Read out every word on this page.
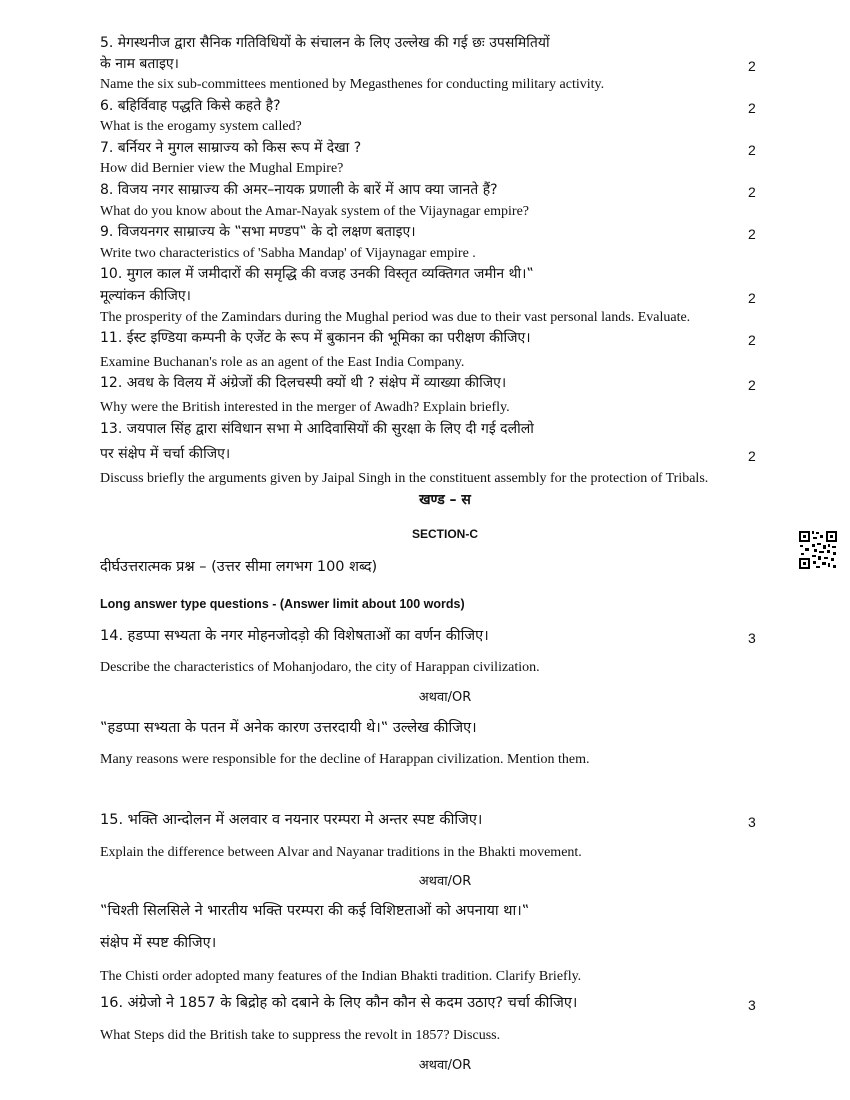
5. मेगस्थनीज द्वारा सैनिक गतिविधियों के संचालन के लिए उल्लेख की गई छः उपसमितियों
के नाम बताइए।	2
Name the six sub-committees mentioned by Megasthenes for conducting military activity.
6. बहिर्विवाह पद्धति किसे कहते है?	2
What is the erogamy system called?
7. बर्नियर ने मुगल साम्राज्य को किस रूप में देखा ?	2
How did Bernier view the Mughal Empire?
8. विजय नगर साम्राज्य की अमर–नायक प्रणाली के बारें में आप क्या जानते हैं?	2
What do you know about the Amar-Nayak system of the Vijaynagar empire?
9. विजयनगर साम्राज्य के ‟सभा मण्डप‟ के दो लक्षण बताइए।	2
Write two characteristics of 'Sabha Mandap' of Vijaynagar empire .
10. मुगल काल में जमीदारों की समृद्धि की वजह उनकी विस्तृत व्यक्तिगत जमीन थी।‟
मूल्यांकन कीजिए।	2
The prosperity of the Zamindars during the Mughal period was due to their vast personal lands. Evaluate.
11. ईस्ट इण्डिया कम्पनी के एजेंट के रूप में बुकानन की भूमिका का परीक्षण कीजिए।	2
Examine Buchanan's role as an agent of the East India Company.
12. अवध के विलय में अंग्रेजों की दिलचस्पी क्यों थी ? संक्षेप में व्याख्या कीजिए।	2
Why were the British interested in the merger of Awadh? Explain briefly.
13. जयपाल सिंह द्वारा संविधान सभा मे आदिवासियों की सुरक्षा के लिए दी गई दलीलो
पर संक्षेप में चर्चा कीजिए।	2
Discuss briefly the arguments given by Jaipal Singh in the constituent assembly for the protection of Tribals.
खण्ड – स
SECTION-C
दीर्घउत्तरात्मक प्रश्न – (उत्तर सीमा लगभग 100 शब्द)
Long answer type questions - (Answer limit about 100 words)
14. हडप्पा सभ्यता के नगर मोहनजोदड़ो की विशेषताओं का वर्णन कीजिए।	3
Describe the characteristics of Mohanjodaro, the city of Harappan civilization.
अथवा/OR
‟हडप्पा सभ्यता के पतन में अनेक कारण उत्तरदायी थे।‟ उल्लेख कीजिए।
Many reasons were responsible for the decline of Harappan civilization. Mention them.
15. भक्ति आन्दोलन में अलवार व नयनार परम्परा मे अन्तर स्पष्ट कीजिए।	3
Explain the difference between Alvar and Nayanar traditions in the Bhakti movement.
अथवा/OR
‟चिश्ती सिलसिले ने भारतीय भक्ति परम्परा की कई विशिष्टताओं को अपनाया था।‟
संक्षेप में स्पष्ट कीजिए।
The Chisti order adopted many features of the Indian Bhakti tradition. Clarify Briefly.
16. अंग्रेजो ने 1857 के बिद्रोह को दबाने के लिए कौन कौन से कदम उठाए? चर्चा कीजिए।	3
What Steps did the British take to suppress the revolt in 1857? Discuss.
अथवा/OR
